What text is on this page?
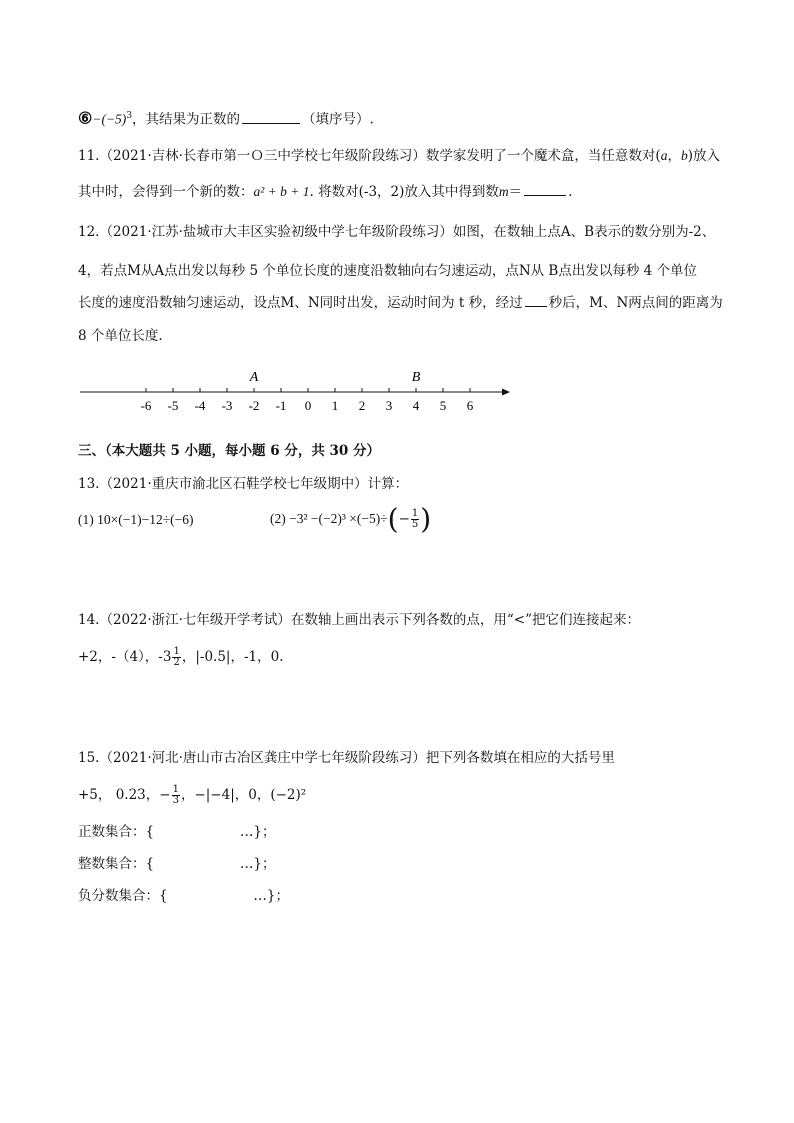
$⑥-(-5)^3$，其结果为正数的	（填序号）.
11.（2021·吉林·长春市第一Ｏ三中学校七年级阶段练习）数学家发明了一个魔术盒，当任意数对(a，b)放入
其中时，会得到一个新的数：a² + b + 1. 将数对(-3，2)放入其中得到数m＝	.
12.（2021·江苏·盐城市大丰区实验初级中学七年级阶段练习）如图，在数轴上点A、B表示的数分别为-2、
4，若点M从A点出发以每秒 5 个单位长度的速度沿数轴向右匀速运动，点N从 B点出发以每秒 4 个单位
长度的速度沿数轴匀速运动，设点M、N同时出发，运动时间为 t 秒，经过 秒后，M、N两点间的距离为
8 个单位长度.
-6 -5 -4 -3 -2 -1 0 1 2 3 4 5 6
A	B
三、（本大题共 5 小题，每小题 6 分，共 30 分）
13.（2021·重庆市渝北区石鞋学校七年级期中）计算：
(1) 10×(−1)−12÷(−6)	$(2) -3^2 -(-2)^3 \times(-5)\div(- \frac{1}{5}$ )
14.（2022·浙江·七年级开学考试）在数轴上画出表示下列各数的点，用“<”把它们连接起来：
+2，-（4），$-3 \frac{1}{2}$ ，|-0.5|，-1，0.
15.（2021·河北·唐山市古冶区龚庄中学七年级阶段练习）把下列各数填在相应的大括号里
+5， 0.23，− $\frac{1}{3}$ ，−|−4|，0，(−2)²
正数集合：{                    …}；
整数集合：{                    …}；
负分数集合：{                    …}；
